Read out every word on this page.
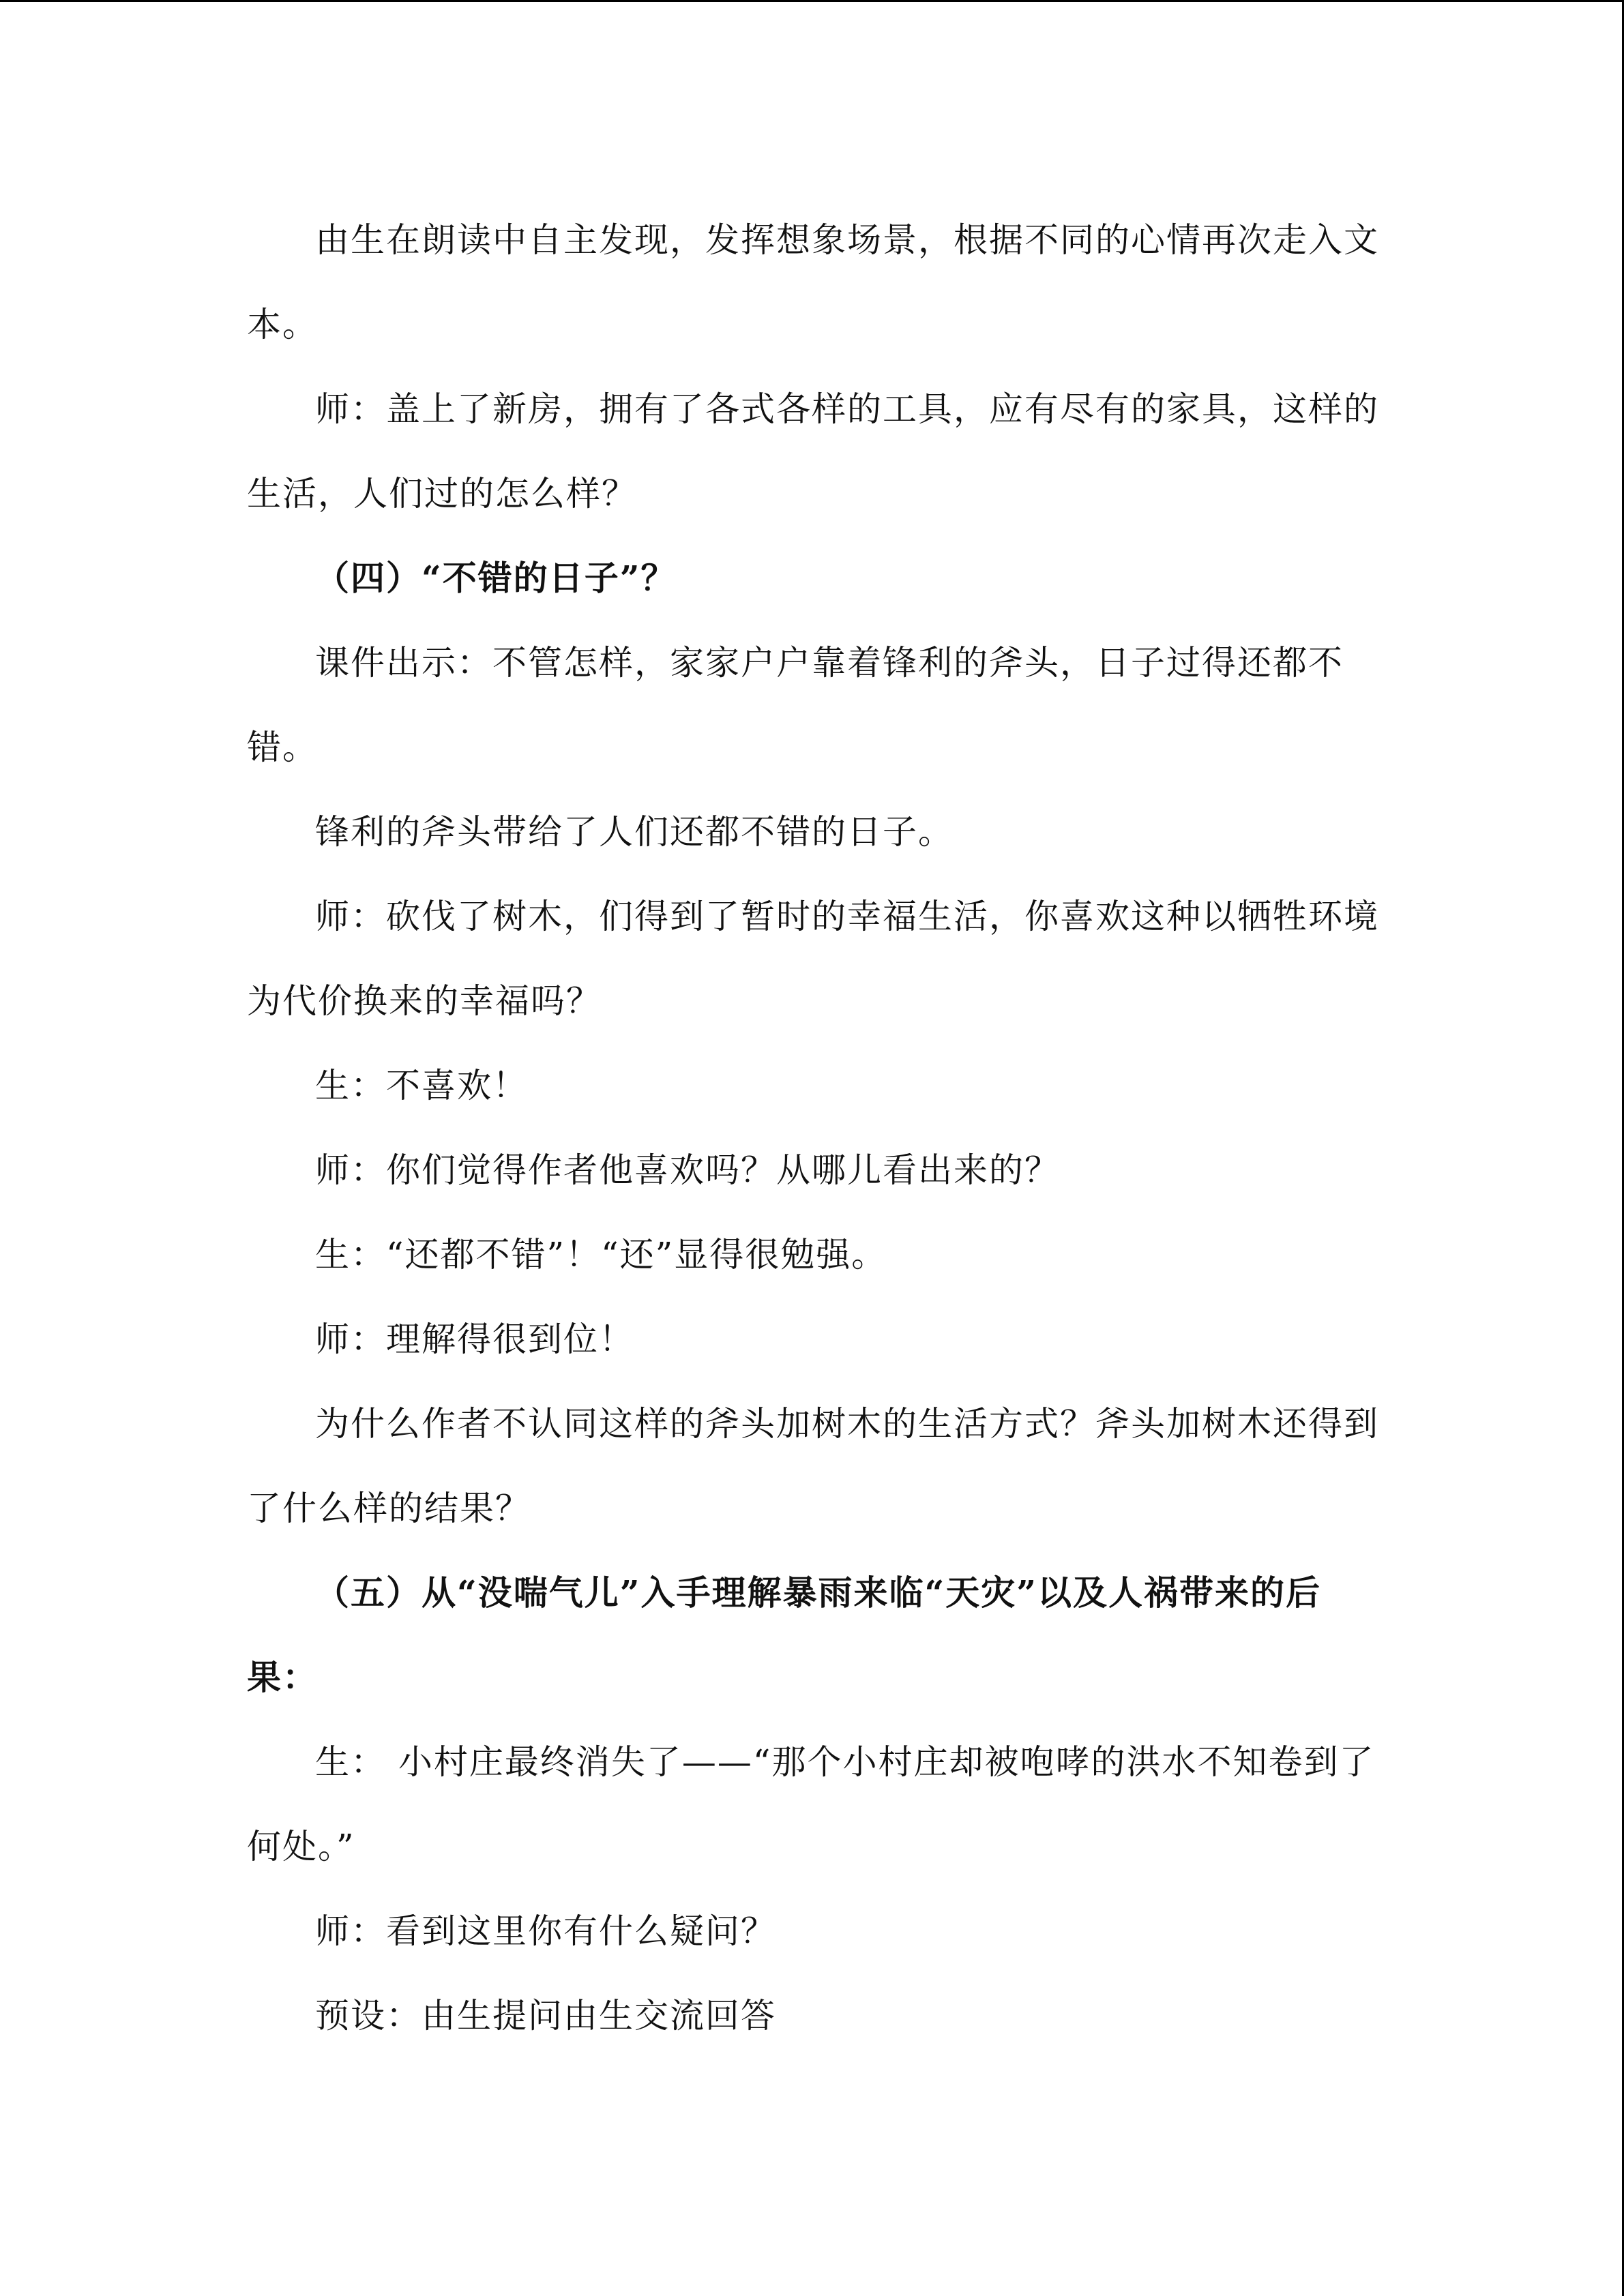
由生在朗读中自主发现，发挥想象场景，根据不同的心情再次走入文本。

师：盖上了新房，拥有了各式各样的工具，应有尽有的家具，这样的生活，人们过的怎么样？

（四）“不错的日子”？

课件出示：不管怎样，家家户户靠着锋利的斧头，日子过得还都不错。

锋利的斧头带给了人们还都不错的日子。

师：砍伐了树木，们得到了暂时的幸福生活，你喜欢这种以牺牲环境为代价换来的幸福吗？

生：不喜欢！

师：你们觉得作者他喜欢吗？从哪儿看出来的？

生：“还都不错”！“还”显得很勉强。

师：理解得很到位！

为什么作者不认同这样的斧头加树木的生活方式？斧头加树木还得到了什么样的结果？

（五）从“没喘气儿”入手理解暴雨来临“天灾”以及人祸带来的后果：

生： 小村庄最终消失了——“那个小村庄却被咆哮的洪水不知卷到了何处。”

师：看到这里你有什么疑问？

预设：由生提问由生交流回答
